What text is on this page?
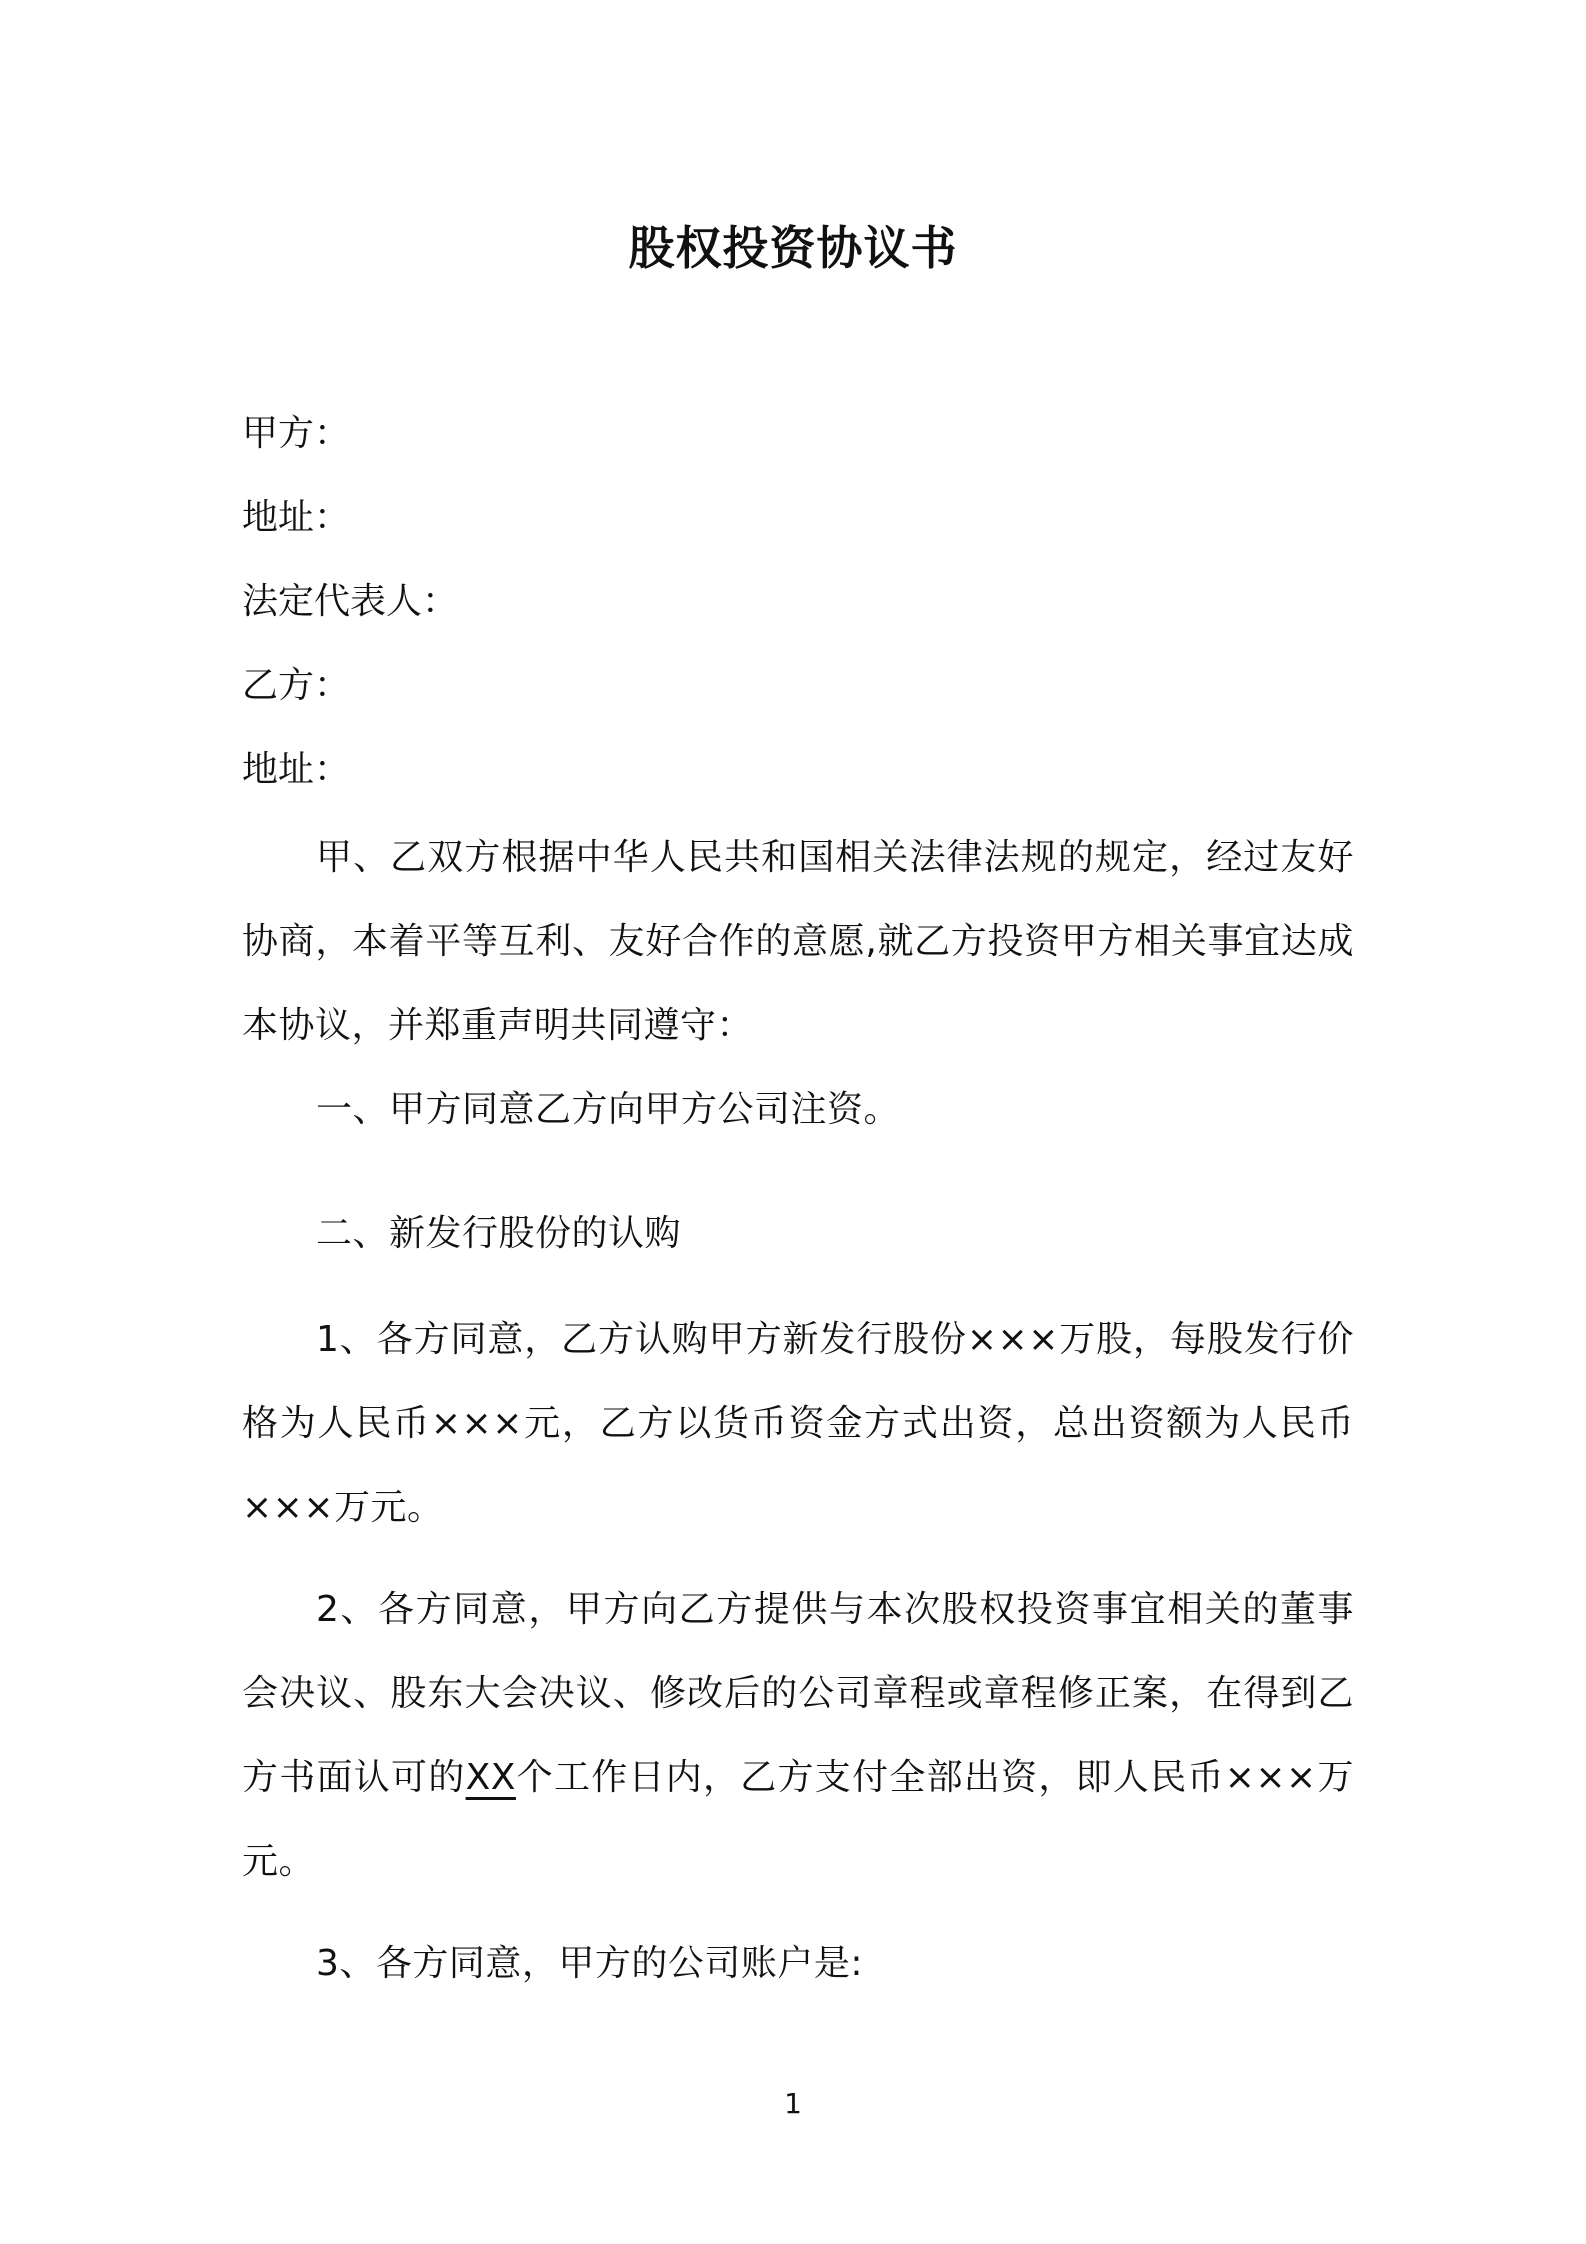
股权投资协议书
甲方：
地址：
法定代表人：
乙方：
地址：

甲、乙双方根据中华人民共和国相关法律法规的规定，经过友好协商，本着平等互利、友好合作的意愿,就乙方投资甲方相关事宜达成本协议，并郑重声明共同遵守：

一、甲方同意乙方向甲方公司注资。

二、新发行股份的认购

1、各方同意，乙方认购甲方新发行股份×××万股，每股发行价格为人民币×××元，乙方以货币资金方式出资，总出资额为人民币×××万元。

2、各方同意，甲方向乙方提供与本次股权投资事宜相关的董事会决议、股东大会决议、修改后的公司章程或章程修正案，在得到乙方书面认可的XX个工作日内，乙方支付全部出资，即人民币×××万元。

3、各方同意，甲方的公司账户是:

1
